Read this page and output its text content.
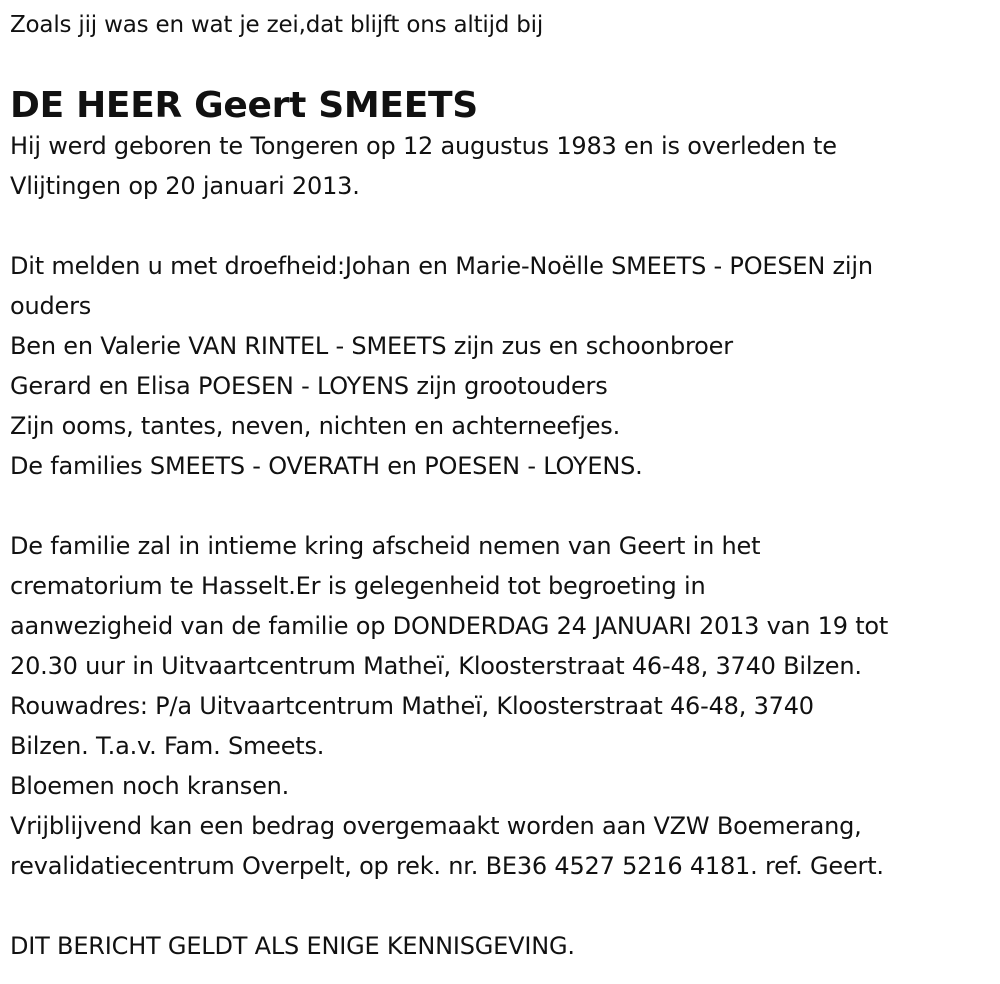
Zoals jij was en wat je zei,dat blijft ons altijd bij
DE HEER Geert SMEETS
Hij werd geboren te Tongeren op 12 augustus 1983 en is overleden te
Vlijtingen op 20 januari 2013.
Dit melden u met droefheid:Johan en Marie-Noëlle SMEETS - POESEN zijn
ouders
Ben en Valerie VAN RINTEL - SMEETS zijn zus en schoonbroer
Gerard en Elisa POESEN - LOYENS zijn grootouders
Zijn ooms, tantes, neven, nichten en achterneefjes.
De families SMEETS - OVERATH en POESEN - LOYENS.
De familie zal in intieme kring afscheid nemen van Geert in het
crematorium te Hasselt.Er is gelegenheid tot begroeting in
aanwezigheid van de familie op DONDERDAG 24 JANUARI 2013 van 19 tot
20.30 uur in Uitvaartcentrum Matheï, Kloosterstraat 46-48, 3740 Bilzen.
Rouwadres: P/a Uitvaartcentrum Matheï, Kloosterstraat 46-48, 3740
Bilzen. T.a.v. Fam. Smeets.
Bloemen noch kransen.
Vrijblijvend kan een bedrag overgemaakt worden aan VZW Boemerang,
revalidatiecentrum Overpelt, op rek. nr. BE36 4527 5216 4181. ref. Geert.
DIT BERICHT GELDT ALS ENIGE KENNISGEVING.
